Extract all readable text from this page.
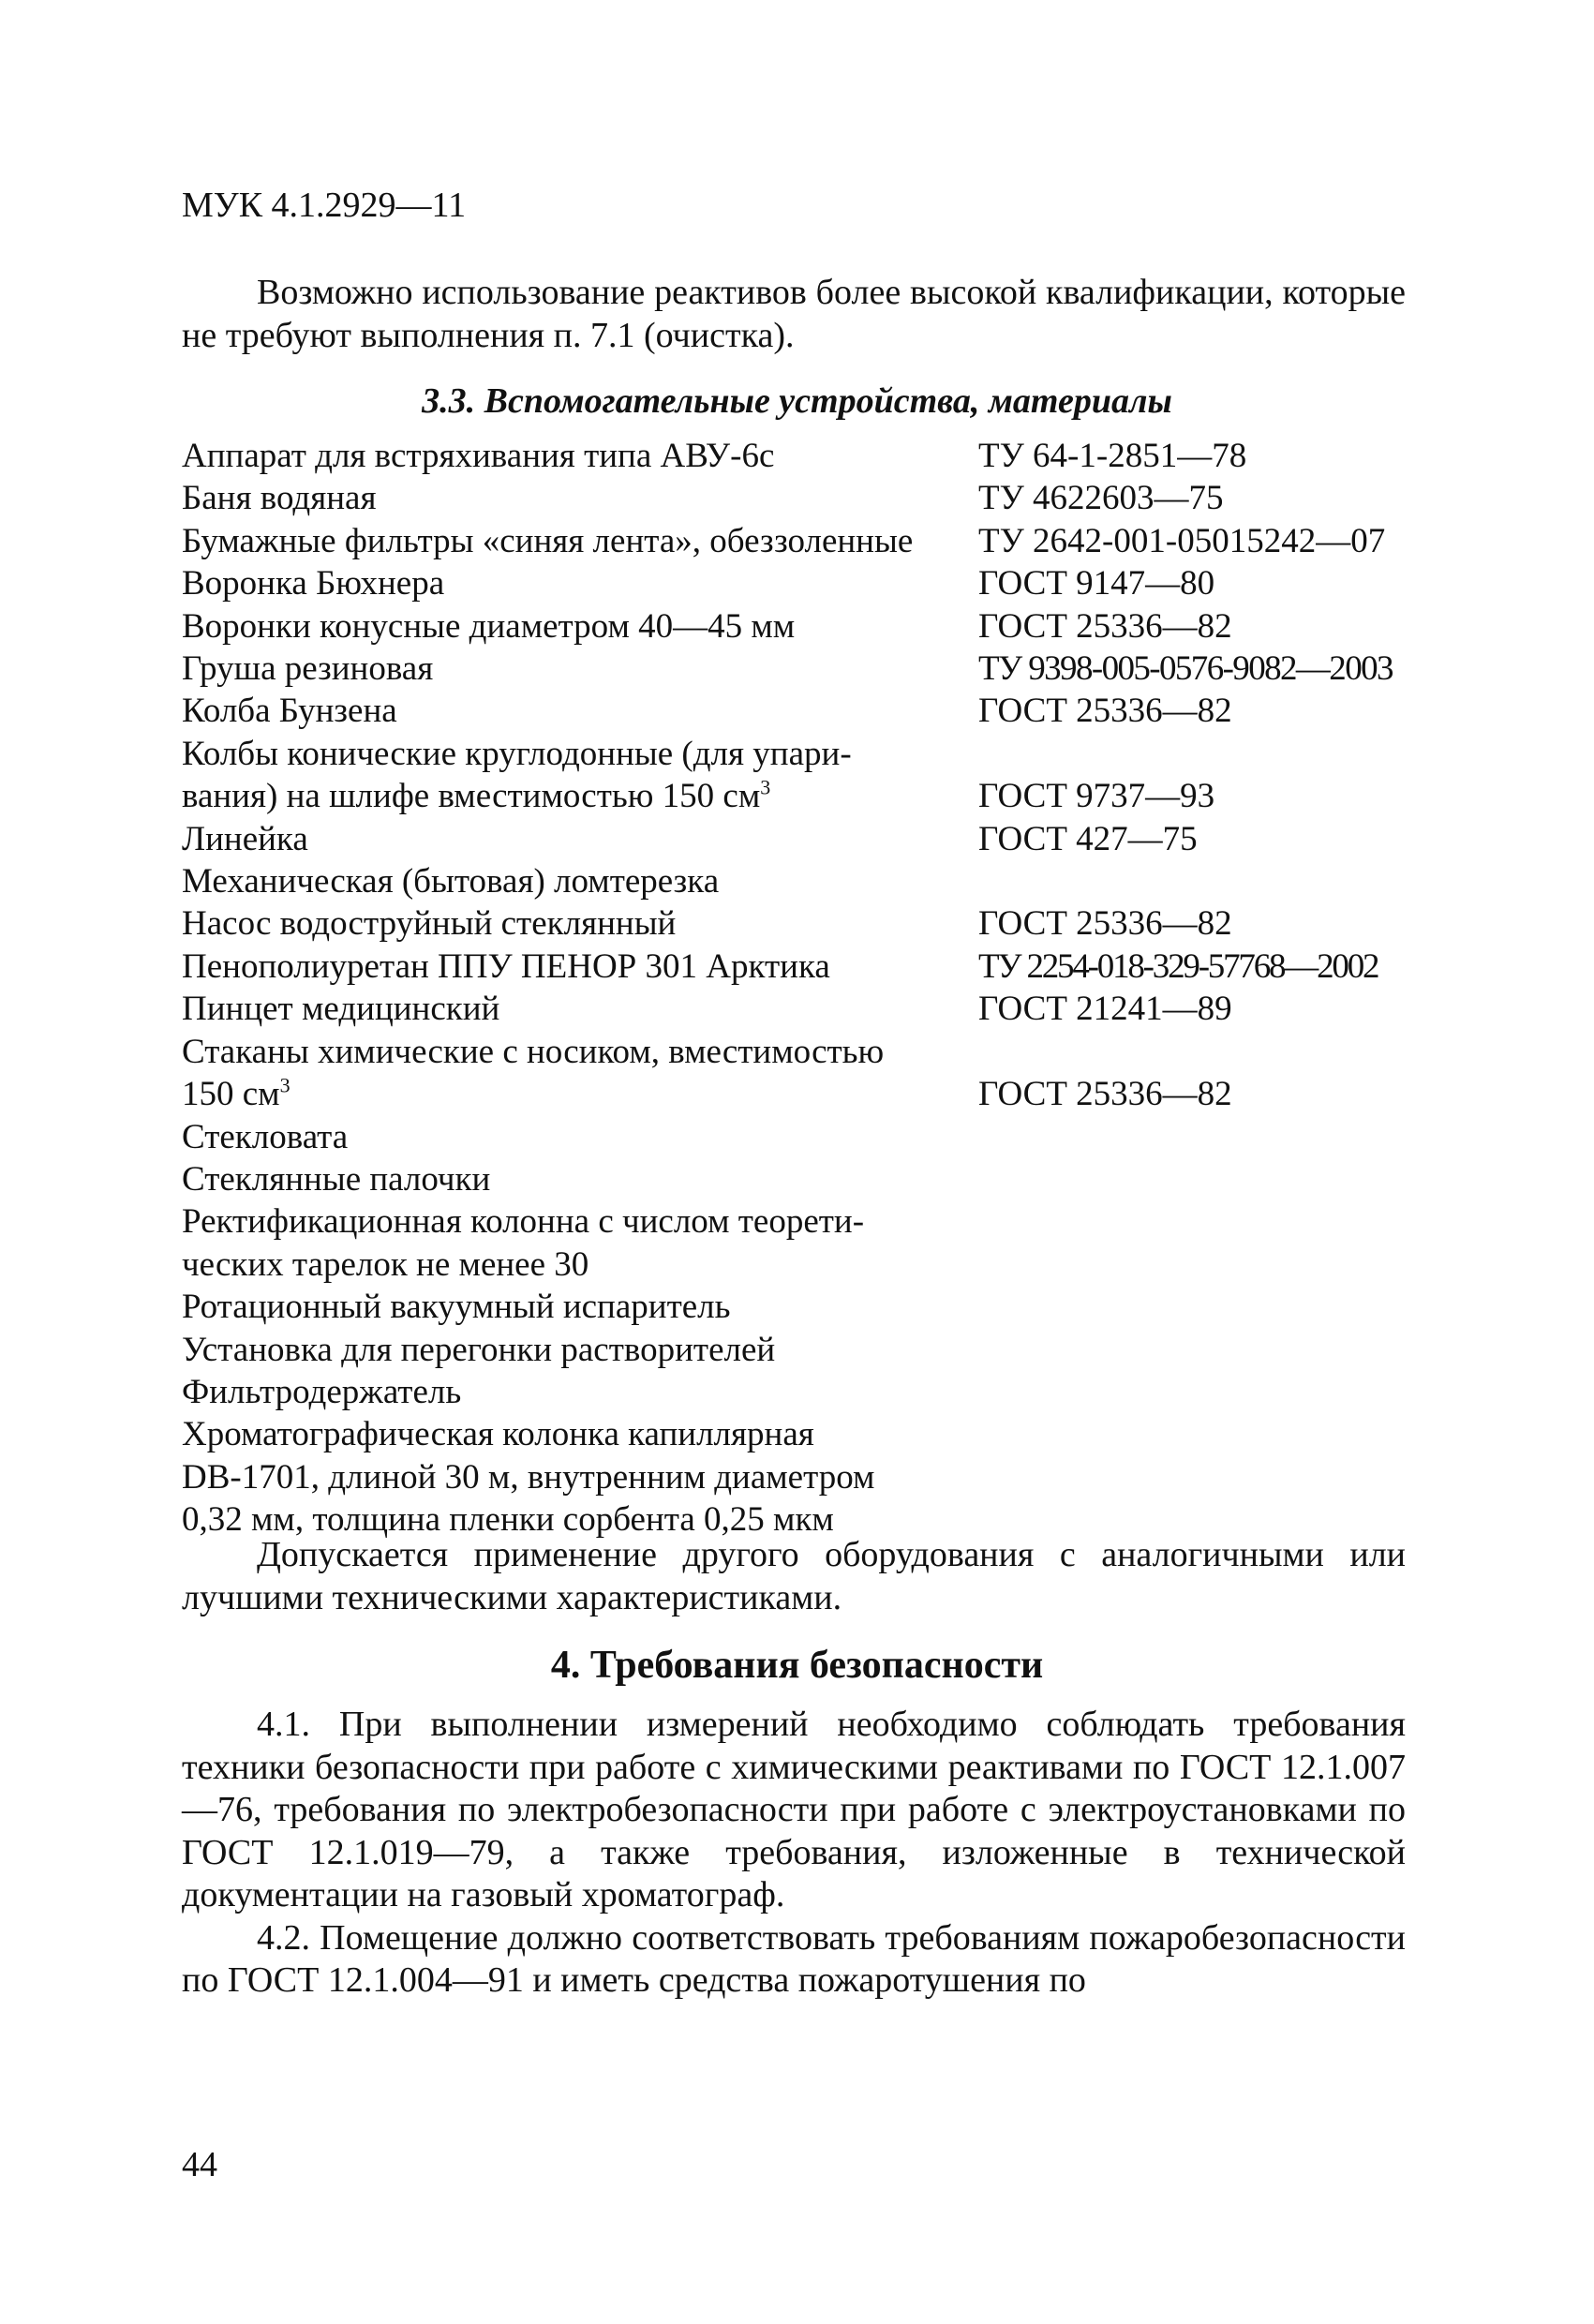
МУК 4.1.2929—11

Возможно использование реактивов более высокой квалификации, которые не требуют выполнения п. 7.1 (очистка).

3.3. Вспомогательные устройства, материалы
Аппарат для встряхивания типа АВУ-6с	ТУ 64-1-2851—78
Баня водяная	ТУ 4622603—75
Бумажные фильтры «синяя лента», обеззоленные	ТУ 2642-001-05015242—07
Воронка Бюхнера	ГОСТ 9147—80
Воронки конусные диаметром 40—45 мм	ГОСТ 25336—82
Груша резиновая	ТУ 9398-005-0576-9082—2003
Колба Бунзена	ГОСТ 25336—82
Колбы конические круглодонные (для упари-
вания) на шлифе вместимостью 150 $см^3$	ГОСТ 9737—93
Линейка	ГОСТ 427—75
Механическая (бытовая) ломтерезка
Насос водоструйный стеклянный	ГОСТ 25336—82
Пенополиуретан ППУ ПЕНОР 301 Арктика	ТУ 2254-018-329-57768—2002
Пинцет медицинский	ГОСТ 21241—89
Стаканы химические с носиком, вместимостью
150 $см^3$	ГОСТ 25336—82
Стекловата
Стеклянные палочки
Ректификационная колонна с числом теорети-
ческих тарелок не менее 30
Ротационный вакуумный испаритель
Установка для перегонки растворителей
Фильтродержатель
Хроматографическая колонка капиллярная
DB-1701, длиной 30 м, внутренним диаметром
0,32 мм, толщина пленки сорбента 0,25 мкм

Допускается применение другого оборудования с аналогичными или лучшими техническими характеристиками.

4. Требования безопасности

4.1. При выполнении измерений необходимо соблюдать требования техники безопасности при работе с химическими реактивами по ГОСТ 12.1.007—76, требования по электробезопасности при работе с электроустановками по ГОСТ 12.1.019—79, а также требования, изложенные в технической документации на газовый хроматограф.

4.2. Помещение должно соответствовать требованиям пожаробезопасности по ГОСТ 12.1.004—91 и иметь средства пожаротушения по

44
